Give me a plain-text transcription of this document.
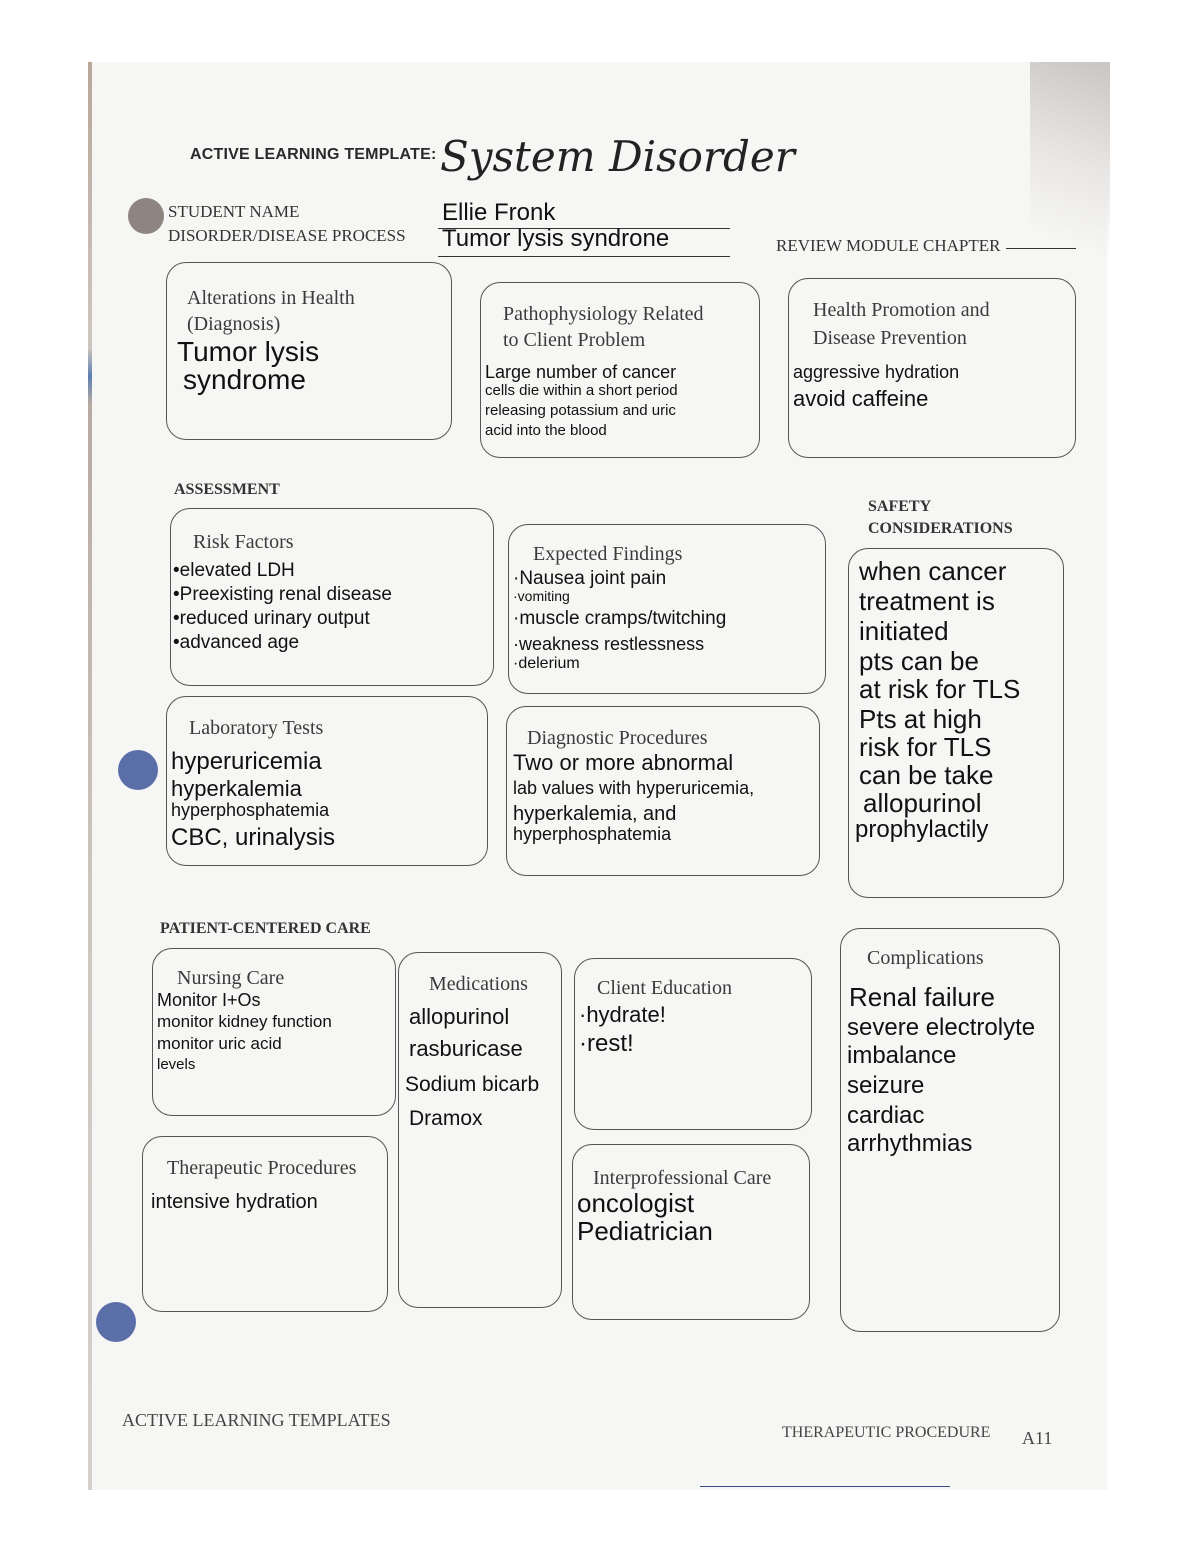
ACTIVE LEARNING TEMPLATE: System Disorder
STUDENT NAME	Ellie Fronk
DISORDER/DISEASE PROCESS Tumor lysis syndrone	REVIEW MODULE CHAPTER
Alterations in Health
(Diagnosis)
Tumor lysis
syndrome
Pathophysiology Related
to Client Problem
Large number of cancer
cells die within a short period
releasing potassium and uric
acid into the blood
Health Promotion and
Disease Prevention
aggressive hydration
avoid caffeine
ASSESSMENT
Risk Factors
•elevated LDH
•Preexisting renal disease
•reduced urinary output
•advanced age
Expected Findings
·Nausea joint pain
·vomiting
·muscle cramps/twitching
·weakness restlessness
·delerium
SAFETY
CONSIDERATIONS
when cancer
treatment is
initiated
pts can be
at risk for TLS
Pts at high
risk for TLS
can be take
allopurinol
prophylactily
Laboratory Tests
hyperuricemia
hyperkalemia
hyperphosphatemia
CBC, urinalysis
Diagnostic Procedures
Two or more abnormal
lab values with hyperuricemia,
hyperkalemia, and
hyperphosphatemia
PATIENT-CENTERED CARE
Nursing Care
Monitor I+Os
monitor kidney function
monitor uric acid
levels
Medications
allopurinol
rasburicase
Sodium bicarb
Dramox
Client Education
·hydrate!
·rest!
Complications
Renal failure
severe electrolyte
imbalance
seizure
cardiac
arrhythmias
Therapeutic Procedures
intensive hydration
Interprofessional Care
oncologist
Pediatrician
ACTIVE LEARNING TEMPLATES
THERAPEUTIC PROCEDURE A11
